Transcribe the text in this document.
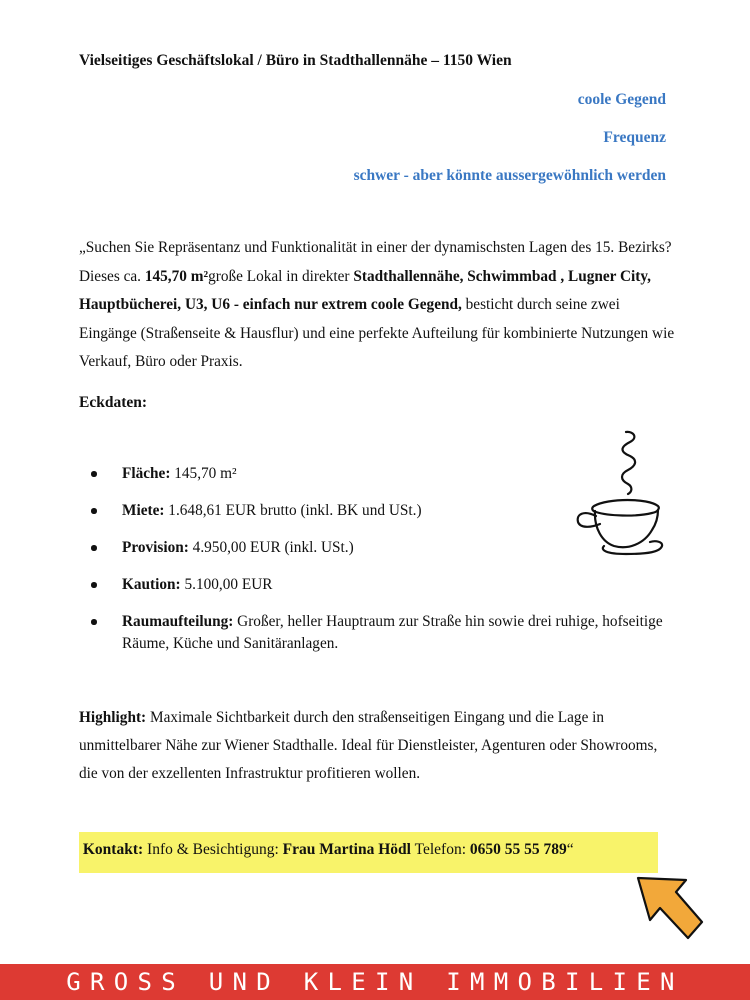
Vielseitiges Geschäftslokal / Büro in Stadthallennähe – 1150 Wien
coole Gegend
Frequenz
schwer - aber könnte aussergewöhnlich werden

„Suchen Sie Repräsentanz und Funktionalität in einer der dynamischsten Lagen des 15. Bezirks? Dieses ca. 145,70 m²große Lokal in direkter Stadthallennähe, Schwimmbad , Lugner City, Hauptbücherei, U3, U6 - einfach nur extrem coole Gegend, besticht durch seine zwei Eingänge (Straßenseite & Hausflur) und eine perfekte Aufteilung für kombinierte Nutzungen wie Verkauf, Büro oder Praxis.

Eckdaten:
Fläche: 145,70 m²
Miete: 1.648,61 EUR brutto (inkl. BK und USt.)
Provision: 4.950,00 EUR (inkl. USt.)
Kaution: 5.100,00 EUR
Raumaufteilung: Großer, heller Hauptraum zur Straße hin sowie drei ruhige, hofseitige Räume, Küche und Sanitäranlagen.

Highlight: Maximale Sichtbarkeit durch den straßenseitigen Eingang und die Lage in unmittelbarer Nähe zur Wiener Stadthalle. Ideal für Dienstleister, Agenturen oder Showrooms, die von der exzellenten Infrastruktur profitieren wollen.

Kontakt: Info & Besichtigung: Frau Martina Hödl Telefon: 0650 55 55 789“

GROSS UND KLEIN IMMOBILIEN
